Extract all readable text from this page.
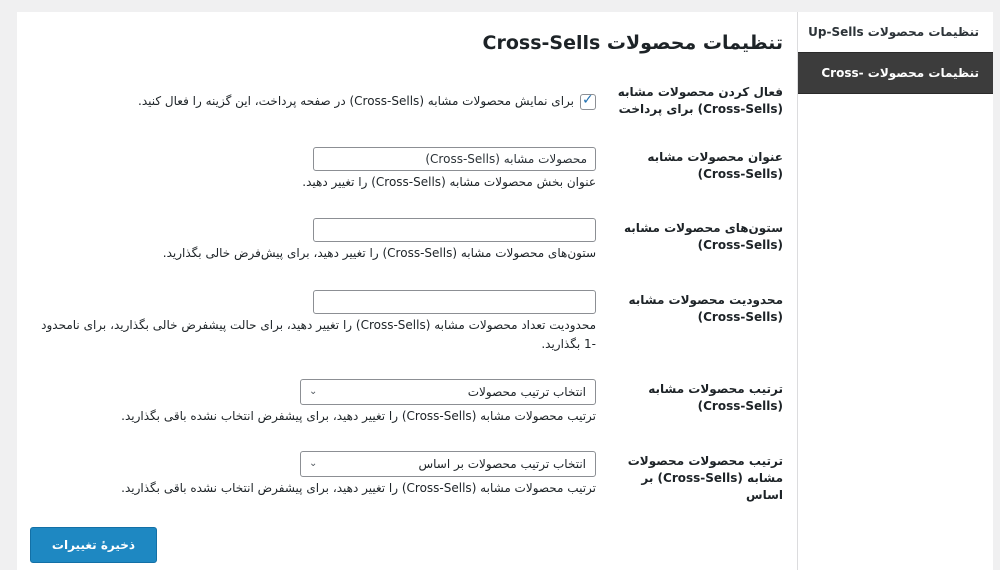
تنظیمات محصولات Up-Sells
تنظیمات محصولات Cross-Sells
تنظیمات محصولات Cross-Sells
فعال کردن محصولات مشابه (Cross-Sells) برای پرداخت
✓
برای نمایش محصولات مشابه (Cross-Sells) در صفحه پرداخت، این گزینه را فعال کنید.
عنوان محصولات مشابه (Cross-Sells)
محصولات مشابه (Cross-Sells)
عنوان بخش محصولات مشابه (Cross-Sells) را تغییر دهید.
ستون‌های محصولات مشابه (Cross-Sells)
ستون‌های محصولات مشابه (Cross-Sells) را تغییر دهید، برای پیش‌فرض خالی بگذارید.
محدودیت محصولات مشابه (Cross-Sells)
محدودیت تعداد محصولات مشابه (Cross-Sells) را تغییر دهید، برای حالت پیشفرض خالی بگذارید، برای نامحدود -1 بگذارید.
ترتیب محصولات مشابه (Cross-Sells)
انتخاب ترتیب محصولات
⌄
ترتیب محصولات مشابه (Cross-Sells) را تغییر دهید، برای پیشفرض انتخاب نشده باقی بگذارید.
ترتیب محصولات محصولات مشابه (Cross-Sells) بر اساس
انتخاب ترتیب محصولات بر اساس
⌄
ترتیب محصولات مشابه (Cross-Sells) را تغییر دهید، برای پیشفرض انتخاب نشده باقی بگذارید.
ذخیرهٔ تغییرات
